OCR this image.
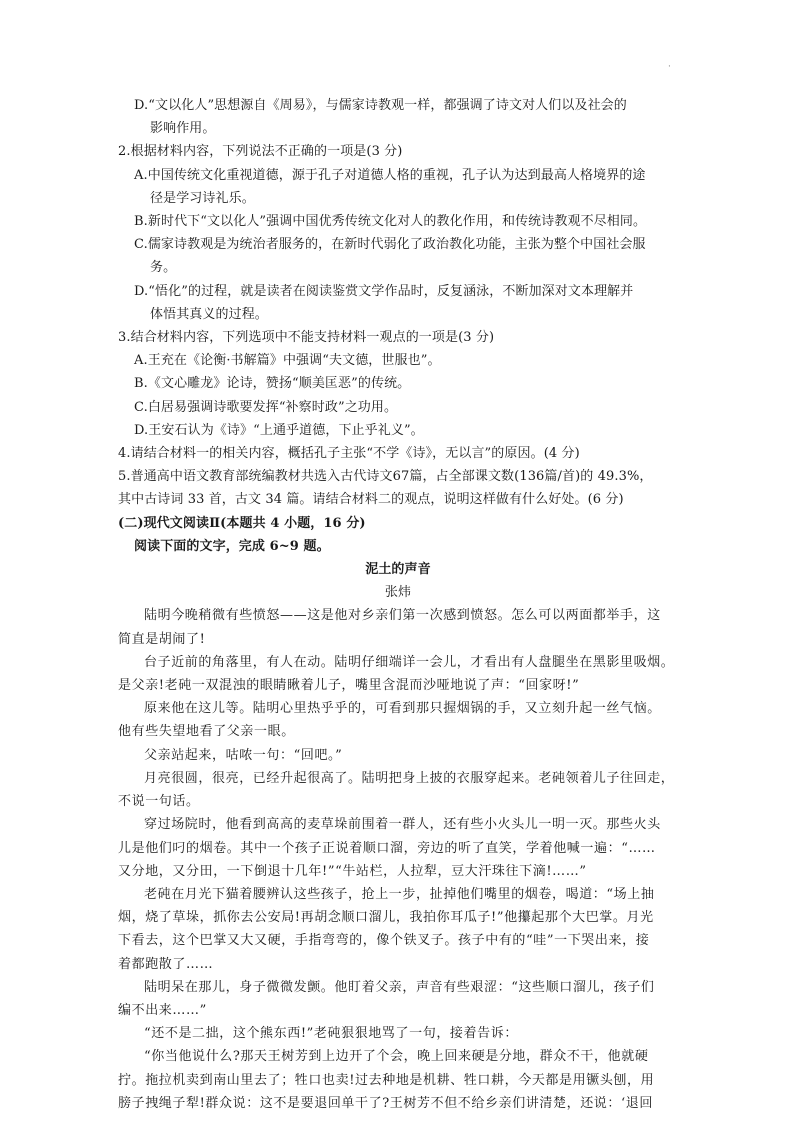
·

D.“文以化人”思想源自《周易》，与儒家诗教观一样，都强调了诗文对人们以及社会的

影响作用。

2.根据材料内容，下列说法不正确的一项是(3 分)

A.中国传统文化重视道德，源于孔子对道德人格的重视，孔子认为达到最高人格境界的途

径是学习诗礼乐。

B.新时代下“文以化人”强调中国优秀传统文化对人的教化作用，和传统诗教观不尽相同。

C.儒家诗教观是为统治者服务的，在新时代弱化了政治教化功能，主张为整个中国社会服

务。

D.“悟化”的过程，就是读者在阅读鉴赏文学作品时，反复涵泳，不断加深对文本理解并

体悟其真义的过程。

3.结合材料内容，下列选项中不能支持材料一观点的一项是(3 分)

A.王充在《论衡·书解篇》中强调“夫文德，世服也”。

B.《文心雕龙》论诗，赞扬“顺美匡恶”的传统。

C.白居易强调诗歌要发挥“补察时政”之功用。

D.王安石认为《诗》“上通乎道德，下止乎礼义”。

4.请结合材料一的相关内容，概括孔子主张“不学《诗》，无以言”的原因。(4 分)

5.普通高中语文教育部统编教材共选入古代诗文67篇，占全部课文数(136篇/首)的 49.3%，

其中古诗词 33 首，古文 34 篇。请结合材料二的观点，说明这样做有什么好处。(6 分)

(二)现代文阅读Ⅱ(本题共 4 小题，16 分)

阅读下面的文字，完成 6~9 题。

泥土的声音

张炜

陆明今晚稍微有些愤怒——这是他对乡亲们第一次感到愤怒。怎么可以两面都举手，这

简直是胡闹了!

台子近前的角落里，有人在动。陆明仔细端详一会儿，才看出有人盘腿坐在黑影里吸烟。

是父亲!老砘一双混浊的眼睛瞅着儿子，嘴里含混而沙哑地说了声：“回家呀!”

原来他在这儿等。陆明心里热乎乎的，可看到那只握烟锅的手，又立刻升起一丝气恼。

他有些失望地看了父亲一眼。

父亲站起来，咕哝一句：“回吧。”

月亮很圆，很亮，已经升起很高了。陆明把身上披的衣服穿起来。老砘领着儿子往回走，

不说一句话。

穿过场院时，他看到高高的麦草垛前围着一群人，还有些小火头儿一明一灭。那些火头

儿是他们叼的烟卷。其中一个孩子正说着顺口溜，旁边的听了直笑，学着他喊一遍：“……

又分地，又分田，一下倒退十几年!”“牛站栏，人拉犁，豆大汗珠往下滴!……”

老砘在月光下猫着腰辨认这些孩子，抢上一步，扯掉他们嘴里的烟卷，喝道：“场上抽

烟，烧了草垛，抓你去公安局!再胡念顺口溜儿，我拍你耳瓜子!”他攥起那个大巴掌。月光

下看去，这个巴掌又大又硬，手指弯弯的，像个铁叉子。孩子中有的“哇”一下哭出来，接

着都跑散了……

陆明呆在那儿，身子微微发颤。他盯着父亲，声音有些艰涩：“这些顺口溜儿，孩子们

编不出来……”

“还不是二拙，这个熊东西!”老砘狠狠地骂了一句，接着告诉：

“你当他说什么?那天王树芳到上边开了个会，晚上回来硬是分地，群众不干，他就硬

拧。拖拉机卖到南山里去了；牲口也卖!过去种地是机耕、牲口耕，今天都是用镢头刨，用

膀子拽绳子犁!群众说：这不是要退回单干了?王树芳不但不给乡亲们讲清楚，还说：‘退回
